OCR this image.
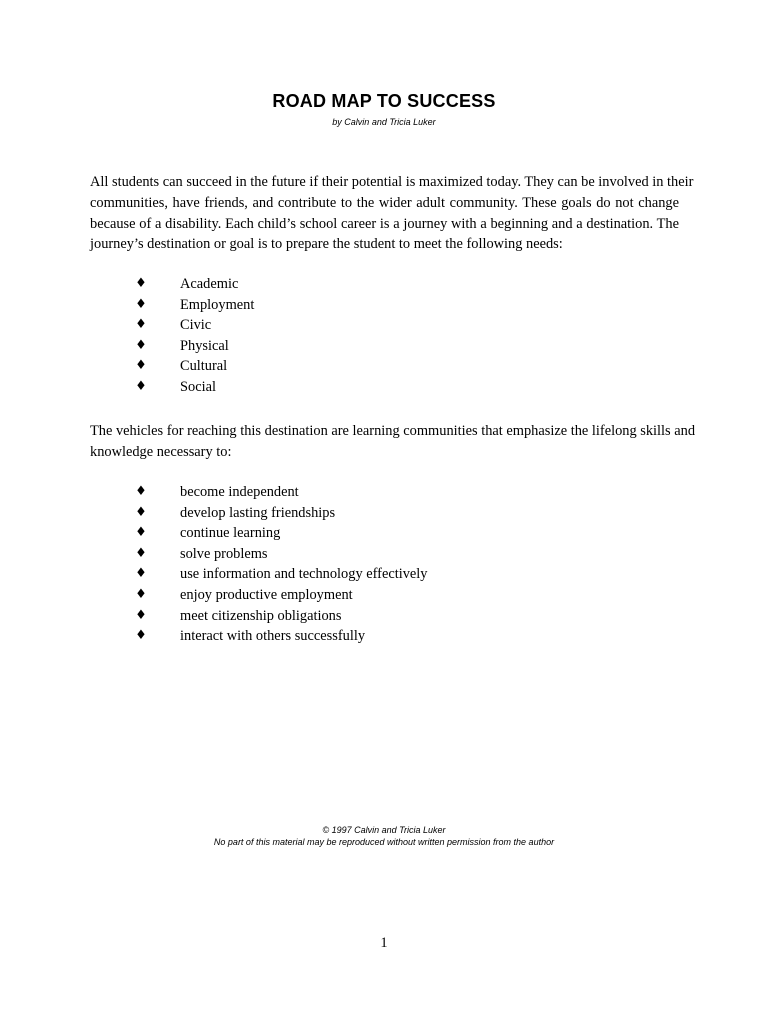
ROAD MAP TO SUCCESS
by Calvin and Tricia Luker
All students can succeed in the future if their potential is maximized today. They can be involved in their
communities, have friends, and contribute to the wider adult community. These goals do not change
because of a disability. Each child’s school career is a journey with a beginning and a destination. The
journey’s destination or goal is to prepare the student to meet the following needs:
♦ Academic
♦ Employment
♦ Civic
♦ Physical
♦ Cultural
♦ Social
The vehicles for reaching this destination are learning communities that emphasize the lifelong skills and
knowledge necessary to:
♦ become independent
♦ develop lasting friendships
♦ continue learning
♦ solve problems
♦ use information and technology effectively
♦ enjoy productive employment
♦ meet citizenship obligations
♦ interact with others successfully
© 1997 Calvin and Tricia Luker
No part of this material may be reproduced without written permission from the author
1
